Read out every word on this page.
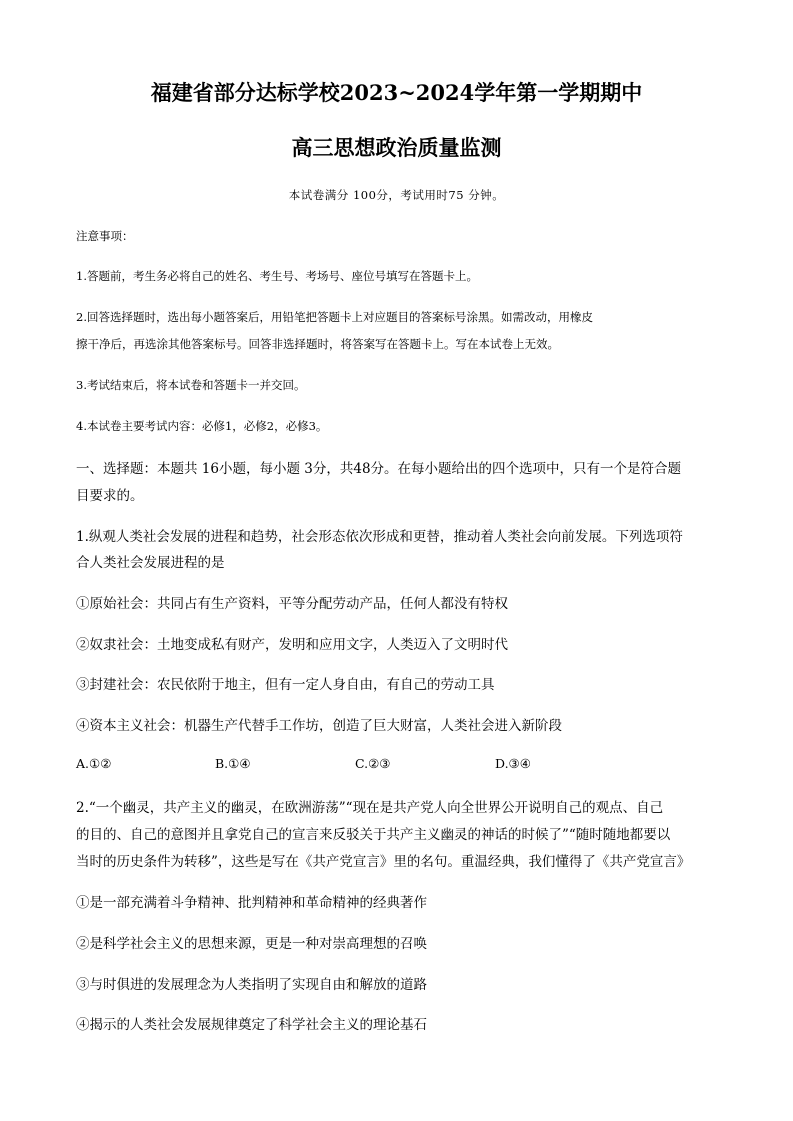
福建省部分达标学校2023~2024学年第一学期期中
高三思想政治质量监测
本试卷满分 100分，考试用时75 分钟。
注意事项：
1.答题前，考生务必将自己的姓名、考生号、考场号、座位号填写在答题卡上。
2.回答选择题时，选出每小题答案后，用铅笔把答题卡上对应题目的答案标号涂黑。如需改动，用橡皮
擦干净后，再选涂其他答案标号。回答非选择题时，将答案写在答题卡上。写在本试卷上无效。
3.考试结束后，将本试卷和答题卡一并交回。
4.本试卷主要考试内容：必修1，必修2，必修3。
一、选择题：本题共 16小题，每小题 3分，共48分。在每小题给出的四个选项中，只有一个是符合题
目要求的。
1.纵观人类社会发展的进程和趋势，社会形态依次形成和更替，推动着人类社会向前发展。下列选项符
合人类社会发展进程的是
①原始社会：共同占有生产资料，平等分配劳动产品，任何人都没有特权
②奴隶社会：土地变成私有财产，发明和应用文字，人类迈入了文明时代
③封建社会：农民依附于地主，但有一定人身自由，有自己的劳动工具
④资本主义社会：机器生产代替手工作坊，创造了巨大财富，人类社会进入新阶段
A.①②	B.①④	C.②③	D.③④
2.“一个幽灵，共产主义的幽灵，在欧洲游荡”“现在是共产党人向全世界公开说明自己的观点、自己
的目的、自己的意图并且拿党自己的宣言来反驳关于共产主义幽灵的神话的时候了”“随时随地都要以
当时的历史条件为转移”，这些是写在《共产党宣言》里的名句。重温经典，我们懂得了《共产党宣言》
①是一部充满着斗争精神、批判精神和革命精神的经典著作
②是科学社会主义的思想来源，更是一种对崇高理想的召唤
③与时俱进的发展理念为人类指明了实现自由和解放的道路
④揭示的人类社会发展规律奠定了科学社会主义的理论基石
